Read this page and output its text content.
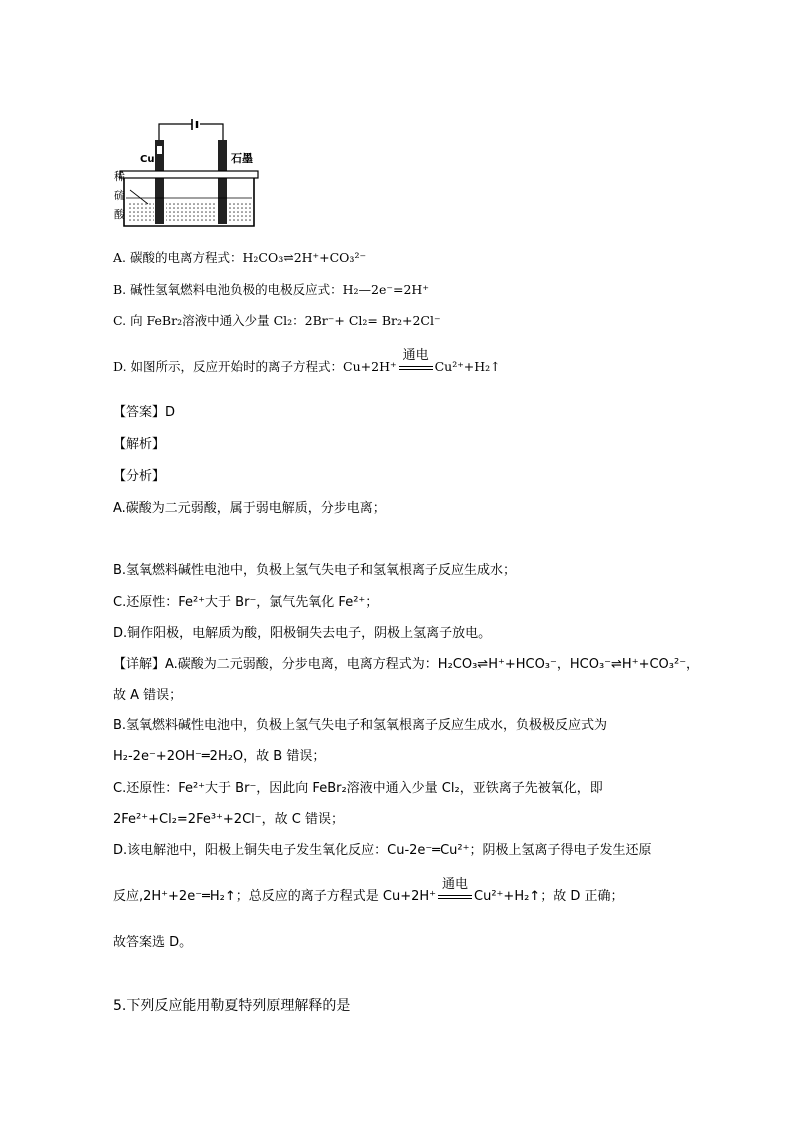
Cu	石墨
稀
硫
酸
A. 碳酸的电离方程式：H₂CO₃⇌2H⁺+CO₃²⁻
B. 碱性氢氧燃料电池负极的电极反应式：H₂—2e⁻=2H⁺
C. 向 FeBr₂溶液中通入少量 Cl₂：2Br⁻+ Cl₂= Br₂+2Cl⁻
D. 如图所示，反应开始时的离子方程式：Cu+2H⁺
通电
Cu²⁺+H₂↑
【答案】D
【解析】
【分析】
A.碳酸为二元弱酸，属于弱电解质，分步电离；
B.氢氧燃料碱性电池中，负极上氢气失电子和氢氧根离子反应生成水；
C.还原性：Fe²⁺大于 Br⁻，氯气先氧化 Fe²⁺；
D.铜作阳极，电解质为酸，阳极铜失去电子，阴极上氢离子放电。
【详解】A.碳酸为二元弱酸，分步电离，电离方程式为：H₂CO₃⇌H⁺+HCO₃⁻，HCO₃⁻⇌H⁺+CO₃²⁻，
故 A 错误；
B.氢氧燃料碱性电池中，负极上氢气失电子和氢氧根离子反应生成水，负极极反应式为
H₂-2e⁻+2OH⁻═2H₂O，故 B 错误；
C.还原性：Fe²⁺大于 Br⁻，因此向 FeBr₂溶液中通入少量 Cl₂，亚铁离子先被氧化，即
2Fe²⁺+Cl₂=2Fe³⁺+2Cl⁻，故 C 错误；
D.该电解池中，阳极上铜失电子发生氧化反应：Cu-2e⁻═Cu²⁺；阴极上氢离子得电子发生还原
反应,2H⁺+2e⁻═H₂↑；总反应的离子方程式是 Cu+2H⁺
通电
Cu²⁺+H₂↑；故 D 正确；
故答案选 D。
5.下列反应能用勒夏特列原理解释的是
